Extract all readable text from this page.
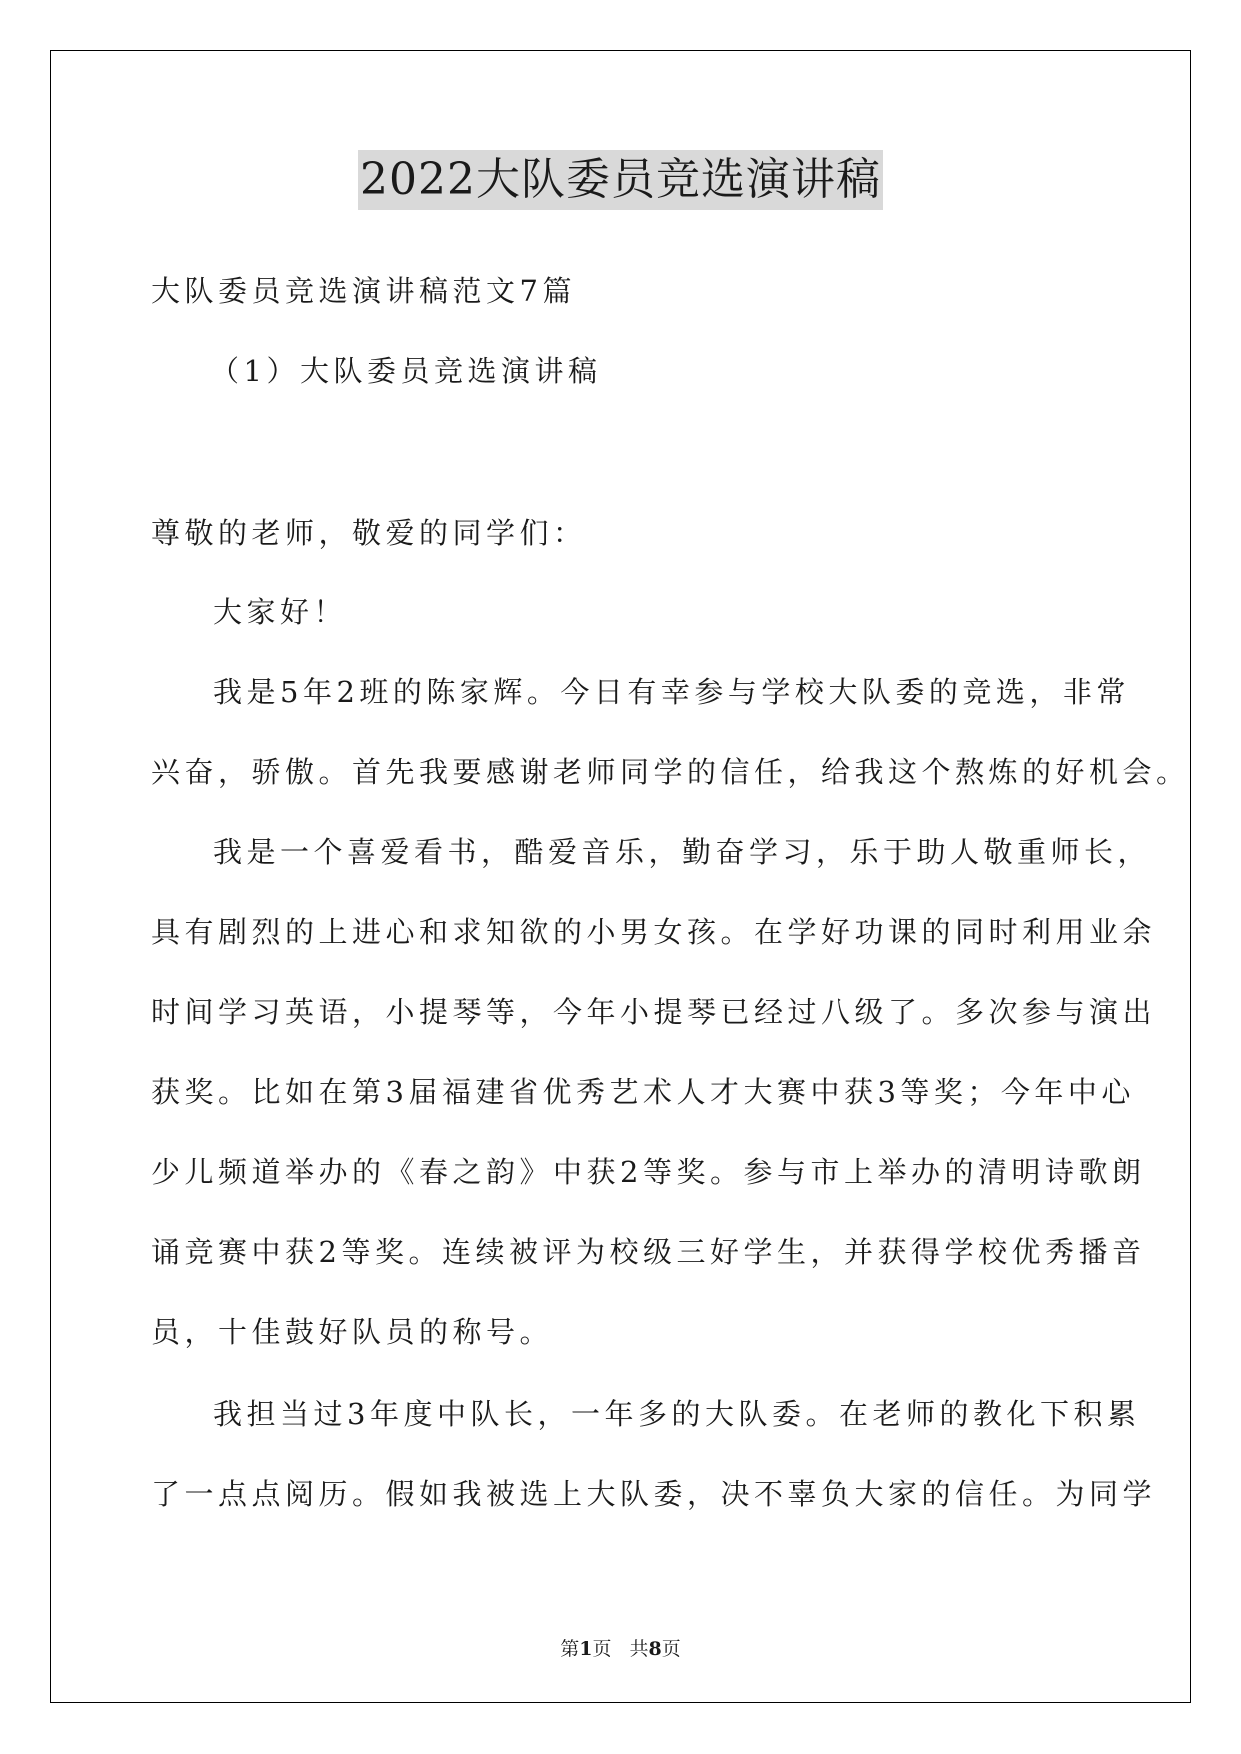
2022大队委员竞选演讲稿
大队委员竞选演讲稿范文7篇
（1）大队委员竞选演讲稿
尊敬的老师，敬爱的同学们：
大家好！
我是5年2班的陈家辉。今日有幸参与学校大队委的竞选，非常
兴奋，骄傲。首先我要感谢老师同学的信任，给我这个熬炼的好机会。
我是一个喜爱看书，酷爱音乐，勤奋学习，乐于助人敬重师长，
具有剧烈的上进心和求知欲的小男女孩。在学好功课的同时利用业余
时间学习英语，小提琴等，今年小提琴已经过八级了。多次参与演出
获奖。比如在第3届福建省优秀艺术人才大赛中获3等奖；今年中心
少儿频道举办的《春之韵》中获2等奖。参与市上举办的清明诗歌朗
诵竞赛中获2等奖。连续被评为校级三好学生，并获得学校优秀播音
员，十佳鼓好队员的称号。
我担当过3年度中队长，一年多的大队委。在老师的教化下积累
了一点点阅历。假如我被选上大队委，决不辜负大家的信任。为同学
第1页 共8页
